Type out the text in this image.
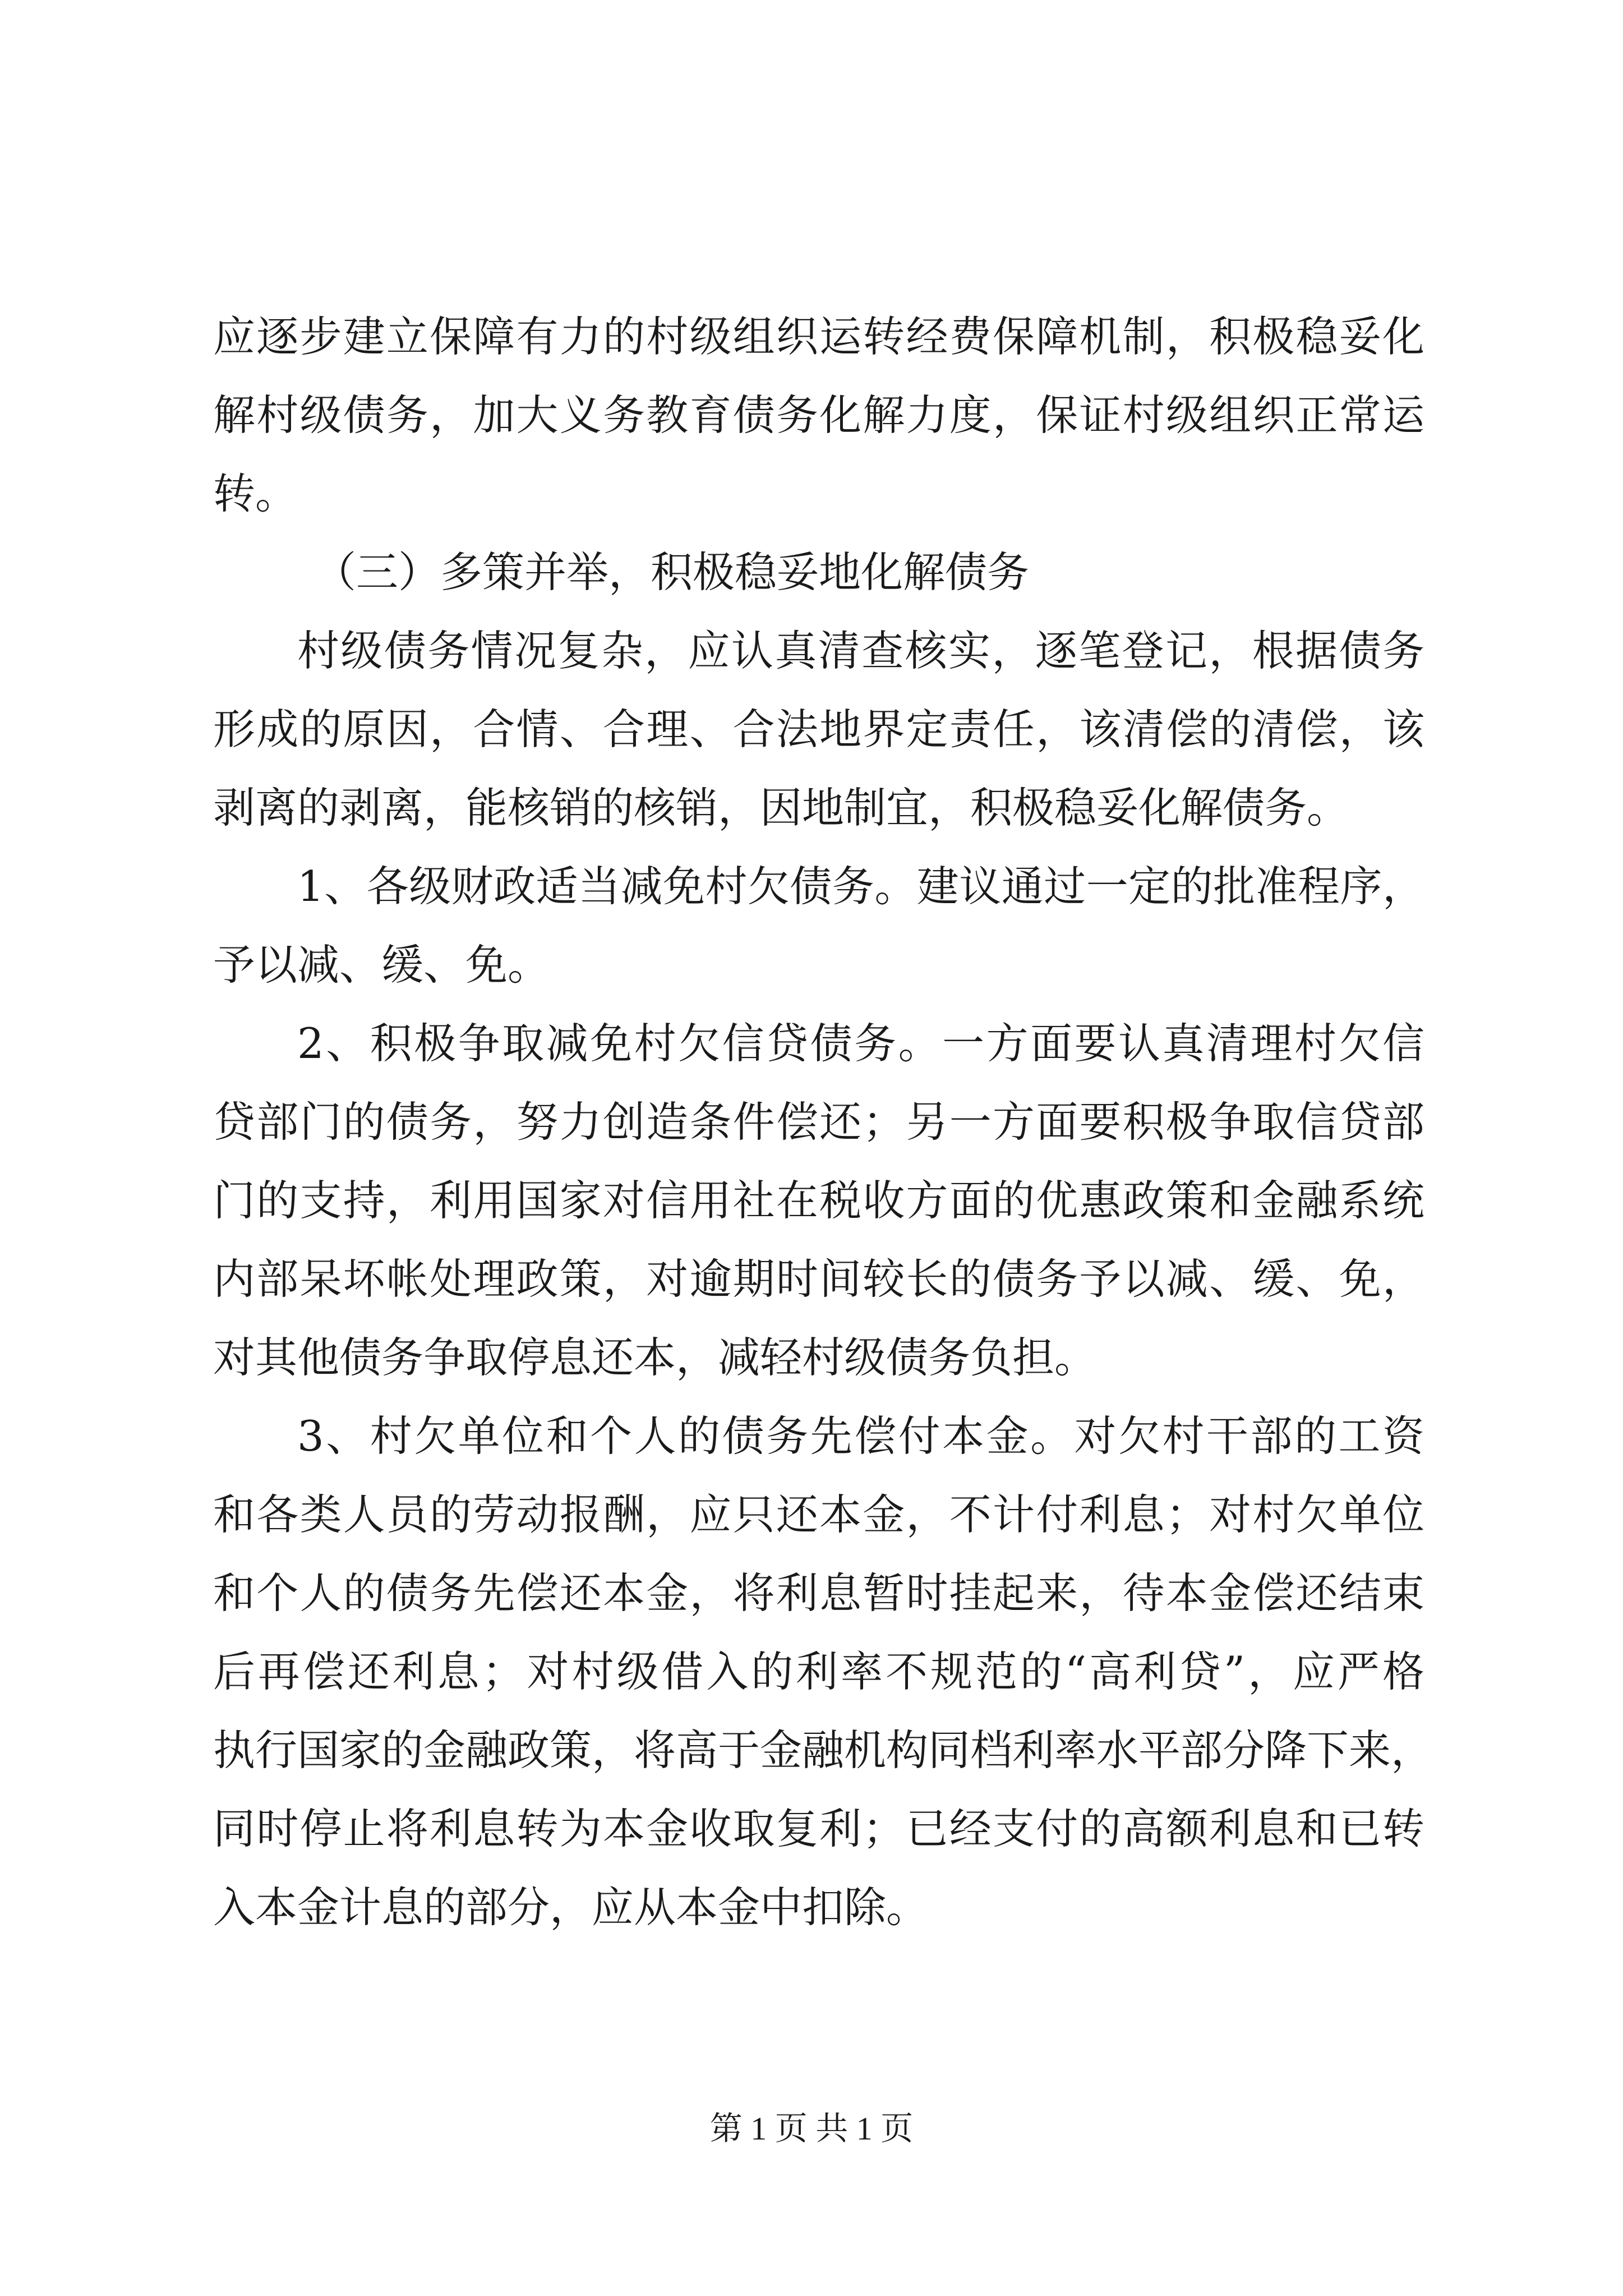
应逐步建立保障有力的村级组织运转经费保障机制，积极稳妥化
解村级债务，加大义务教育债务化解力度，保证村级组织正常运
转。
（三）多策并举，积极稳妥地化解债务
村级债务情况复杂，应认真清查核实，逐笔登记，根据债务
形成的原因，合情、合理、合法地界定责任，该清偿的清偿，该
剥离的剥离，能核销的核销，因地制宜，积极稳妥化解债务。
1、各级财政适当减免村欠债务。建议通过一定的批准程序，
予以减、缓、免。
2、积极争取减免村欠信贷债务。一方面要认真清理村欠信
贷部门的债务，努力创造条件偿还；另一方面要积极争取信贷部
门的支持，利用国家对信用社在税收方面的优惠政策和金融系统
内部呆坏帐处理政策，对逾期时间较长的债务予以减、缓、免，
对其他债务争取停息还本，减轻村级债务负担。
3、村欠单位和个人的债务先偿付本金。对欠村干部的工资
和各类人员的劳动报酬，应只还本金，不计付利息；对村欠单位
和个人的债务先偿还本金，将利息暂时挂起来，待本金偿还结束
后再偿还利息；对村级借入的利率不规范的“高利贷”，应严格
执行国家的金融政策，将高于金融机构同档利率水平部分降下来，
同时停止将利息转为本金收取复利；已经支付的高额利息和已转
入本金计息的部分，应从本金中扣除。
第 1 页 共 1 页
